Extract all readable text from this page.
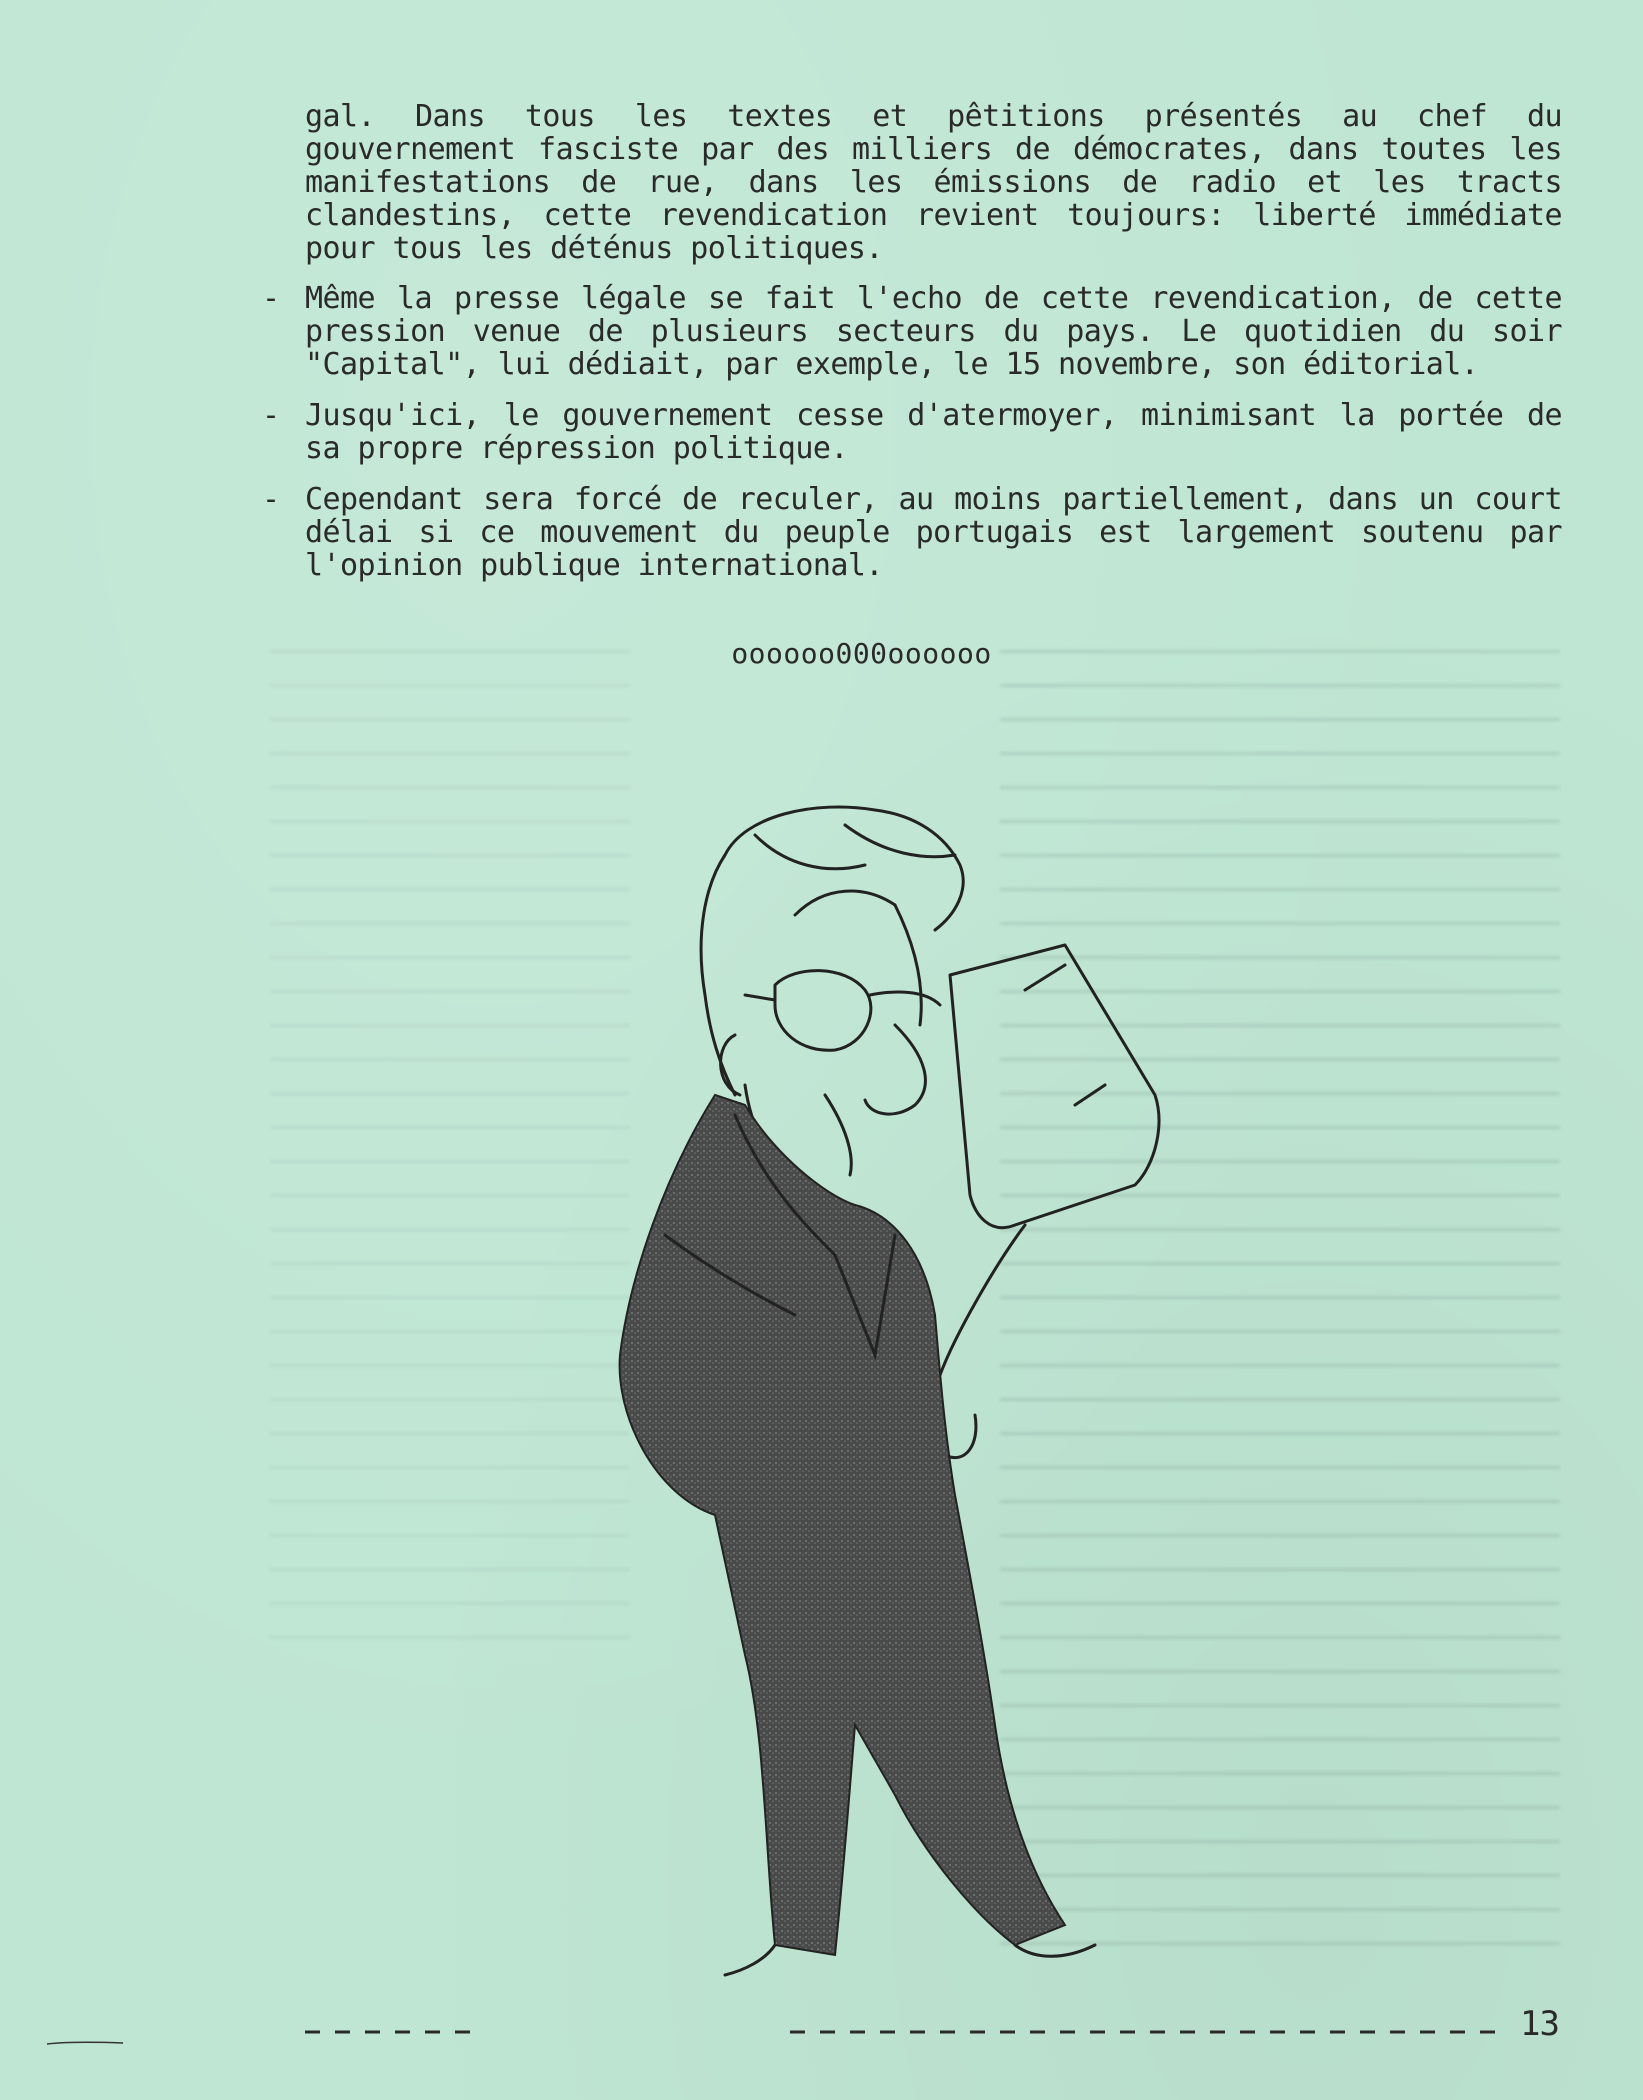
gal. Dans tous les textes et pêtitions présentés au chef du gouvernement fasciste par des milliers de démocrates, dans toutes les manifestations de rue, dans les émissions de radio et les tracts clandestins, cette revendication revient toujours: liberté immédiate pour tous les déténus politiques.

- Même la presse légale se fait l'echo de cette revendication, de cette pression venue de plusieurs secteurs du pays. Le quotidien du soir "Capital", lui dédiait, par exemple, le 15 novembre, son éditorial.

- Jusqu'ici, le gouvernement cesse d'atermoyer, minimisant la portée de sa propre répression politique.

- Cependant sera forcé de reculer, au moins partiellement, dans un court délai si ce mouvement du peuple portugais est largement soutenu par l'opinion publique international.

oooooo000oooooo
13
